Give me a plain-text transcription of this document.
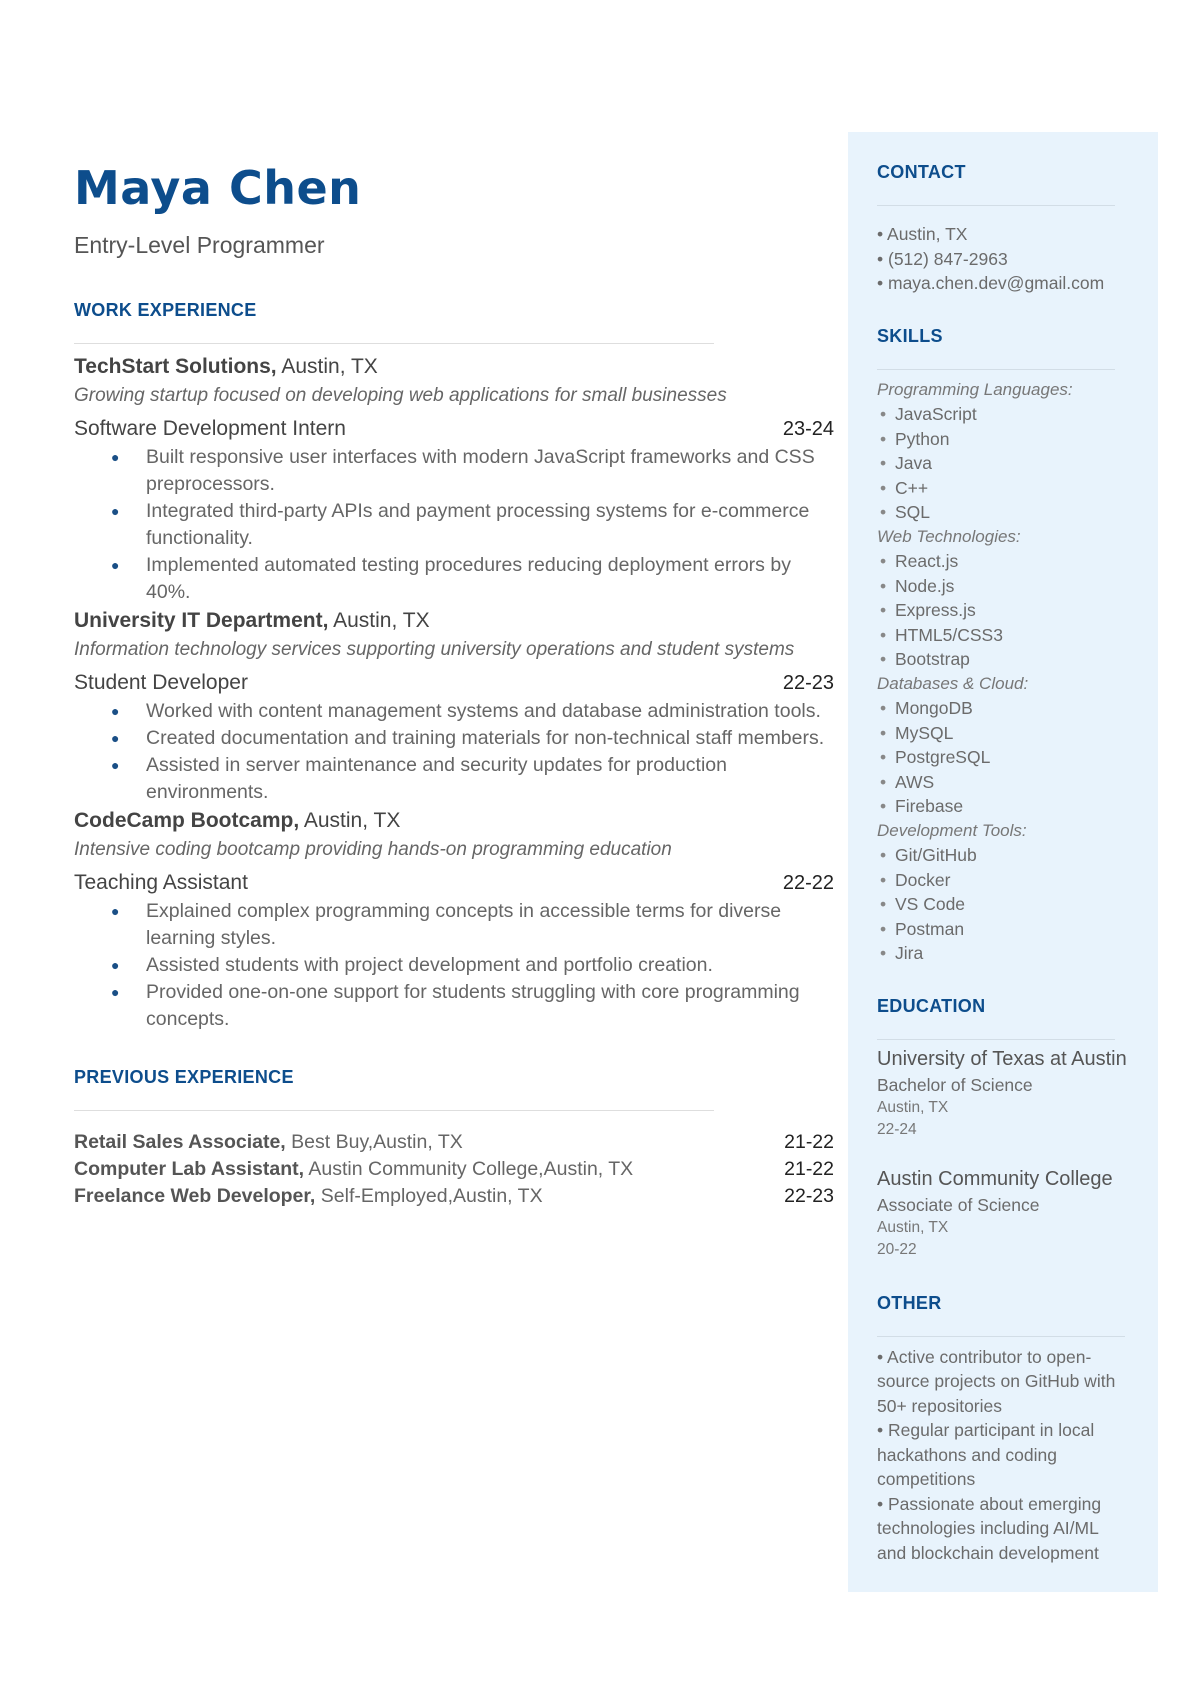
Maya Chen
Entry-Level Programmer
WORK EXPERIENCE
TechStart Solutions, Austin, TX
Growing startup focused on developing web applications for small businesses
Software Development Intern	23-24
● Built responsive user interfaces with modern JavaScript frameworks and CSS preprocessors.
● Integrated third-party APIs and payment processing systems for e-commerce functionality.
● Implemented automated testing procedures reducing deployment errors by 40%.
University IT Department, Austin, TX
Information technology services supporting university operations and student systems
Student Developer	22-23
● Worked with content management systems and database administration tools.
● Created documentation and training materials for non-technical staff members.
● Assisted in server maintenance and security updates for production environments.
CodeCamp Bootcamp, Austin, TX
Intensive coding bootcamp providing hands-on programming education
Teaching Assistant	22-22
● Explained complex programming concepts in accessible terms for diverse learning styles.
● Assisted students with project development and portfolio creation.
● Provided one-on-one support for students struggling with core programming concepts.
PREVIOUS EXPERIENCE
Retail Sales Associate, Best Buy,Austin, TX	21-22
Computer Lab Assistant, Austin Community College,Austin, TX	21-22
Freelance Web Developer, Self-Employed,Austin, TX	22-23
CONTACT
• Austin, TX
• (512) 847-2963
• maya.chen.dev@gmail.com
SKILLS
Programming Languages:
• JavaScript
• Python
• Java
• C++
• SQL
Web Technologies:
• React.js
• Node.js
• Express.js
• HTML5/CSS3
• Bootstrap
Databases & Cloud:
• MongoDB
• MySQL
• PostgreSQL
• AWS
• Firebase
Development Tools:
• Git/GitHub
• Docker
• VS Code
• Postman
• Jira
EDUCATION
University of Texas at Austin
Bachelor of Science
Austin, TX
22-24
Austin Community College
Associate of Science
Austin, TX
20-22
OTHER
• Active contributor to open-source projects on GitHub with 50+ repositories
• Regular participant in local hackathons and coding competitions
• Passionate about emerging technologies including AI/ML and blockchain development
